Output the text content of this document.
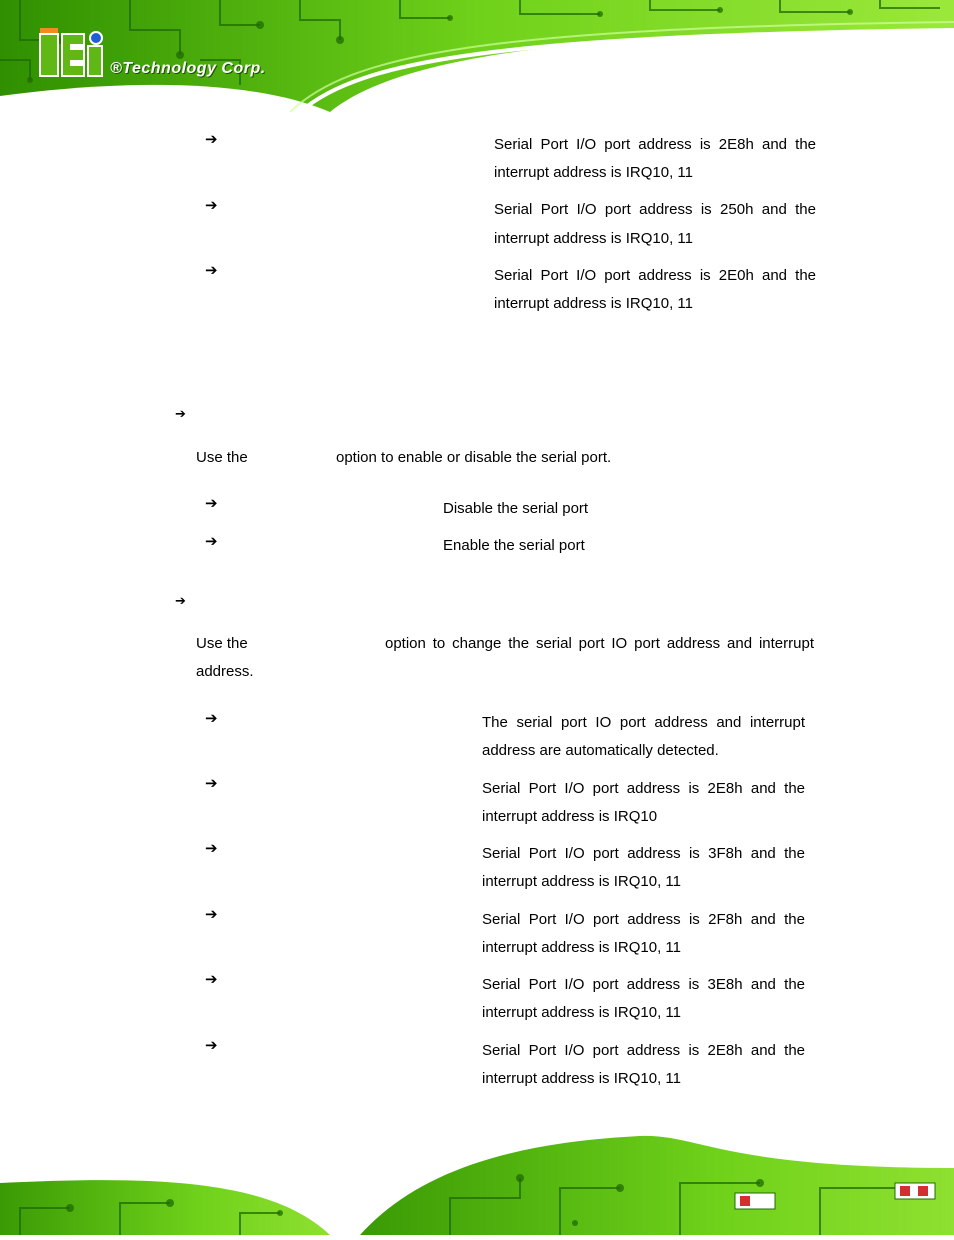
®Technology Corp.
➔	Serial Port I/O port address is 2E8h and the
interrupt address is IRQ10, 11
➔	Serial Port I/O port address is 250h and the
interrupt address is IRQ10, 11
➔	Serial Port I/O port address is 2E0h and the
interrupt address is IRQ10, 11
➔
Use the	option to enable or disable the serial port.
➔	Disable the serial port
➔	Enable the serial port
➔
Use the	option to change the serial port IO port address and interrupt
address.
➔	The serial port IO port address and interrupt
address are automatically detected.
➔	Serial Port I/O port address is 2E8h and the
interrupt address is IRQ10
➔	Serial Port I/O port address is 3F8h and the
interrupt address is IRQ10, 11
➔	Serial Port I/O port address is 2F8h and the
interrupt address is IRQ10, 11
➔	Serial Port I/O port address is 3E8h and the
interrupt address is IRQ10, 11
➔	Serial Port I/O port address is 2E8h and the
interrupt address is IRQ10, 11
